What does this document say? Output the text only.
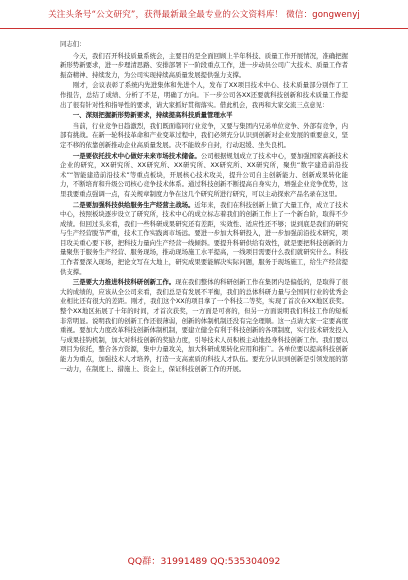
关注头条号“公文研究”，获得最新最全最专业的公文资料库！ 微信：gongwenyj

同志们：

今天，我们召开科技质量系统会，主要目的是全面回顾上半年科技、质量工作开展情况，准确把握新形势新要求，进一步理清思路、安排部署下一阶段重点工作，进一步动员公司广大技术、质量工作者振奋精神、持续发力，为公司实现持续高质量发展提供强力支撑。

刚才，会议表彰了系统内先进集体和先进个人，发布了XX项目技术中心、技术质量部分别作了工作报告，总结了成绩、分析了不足，明确了方向。下一步公司各XX还要就科技创新和技术质量工作提出了很有针对性和指导性的要求，请大家抓好贯彻落实。借此机会，我再和大家交流三点意见：

一、深刻把握新形势新要求，持续提高科技质量管理水平

当前，行业竞争日趋激烈，我们既面临同行业竞争，又要与集团内兄弟单位竞争、外部有竞争，内部有挑战。在新一轮科技革命和产业变革过程中，我们必须充分认识到创新对企业发展的重要意义，坚定不移的依靠创新推动企业高质量发展。决不能故步自封，行动迟缓、坐失良机。

一是要依托技术中心做好未来市场技术储备。公司根据规划成立了技术中心，要加强国家高新技术企业的研究，XX研究所、XX研究所、XX研究所、XX研究所、XX研究所，聚焦“数字建造前沿技术”“智能建造前沿技术”等重点板块，开展核心技术攻关，提升公司自主创新能力、创新成果转化能力，不断培育和升级公司核心竞争技术体系。通过科技创新不断提高自身实力，增强企业竞争优势，这里我要重点强调一点，有关规章制度力争在这几个研究所进行研究，可以主动探索产品名录在这里。

二是要加强科技供给服务生产经营主战场。近年来，我们在科技创新上做了大量工作，成立了技术中心，按照板块逐步设立了研究所，技术中心的成立标志着我们的创新工作上了一个新台阶，取得不少成绩。但回过头来看，我们一些科研成果研究还有差距，实效性、适应性还不够；说到底是我们的研究与生产经营脱节严重，技术工作实践离市场远。要进一步加大科研投入，进一步加强前沿技术研究，项目攻关重心要下移，把科技力量向生产经营一线倾斜。要提升科研供给有效性，就是要把科技创新的力量聚焦于服务生产经营、服务现场，推动现场施工水平提高，一线项目需要什么我们就研究什么。科技工作者要深入现场，把论文写在大地上，研究成果要能解决实际问题，服务于现场施工，给生产经营提供支撑。

三是要大力推进科技科研创新工作。现在我们整体的科研创新工作在集团内是偏低的，是取得了很大的成绩的，应该从全公司来看，我们总是有发展不平衡，我们的总体科研力量与全国同行业的优秀企业相比还有很大的差距。刚才，我们这个XX的项目拿了一个科技二等奖，实现了首次在XX地区获奖。整个XX地区拓展了十年的时间，才首次获奖，一方面是可喜的，但另一方面说明我们科技工作的短板非常明显。说明我们的创新工作还很薄弱，创新的体制机制还没有完全理顺。这一点请大家一定要高度重视。要加大力度改革科技创新体制机制，要建立健全有利于科技创新的各项制度，实行技术研发投入与成果挂钩机制，加大对科技创新的奖励力度，引导技术人员积极主动地投身科技创新工作。我们要以项目为依托，整合各方资源，集中力量攻关，加大科研成果转化应用和推广。各单位要以提高科技创新能力为重点，加强技术人才培养，打造一支高素质的科技人才队伍。要充分认识到创新是引领发展的第一动力，在制度上、措施上、资金上，保证科技创新工作的开展。

QQ群：31991489 QQ:535304092
